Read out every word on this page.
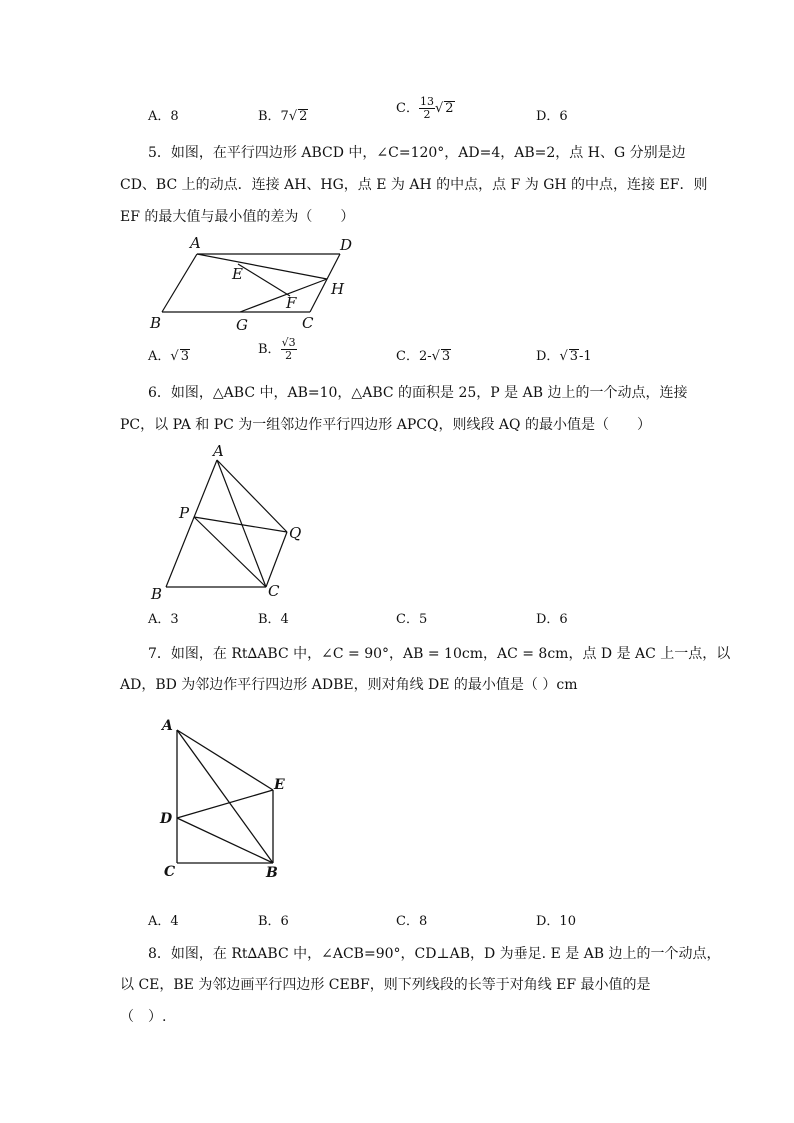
A．8	B．7√ 2
C． $\frac{13}{2}$ √ 2
D．6
5．如图，在平行四边形 ABCD 中，∠C=120°，AD=4，AB=2，点 H、G 分别是边
CD、BC 上的动点．连接 AH、HG，点 E 为 AH 的中点，点 F 为 GH 的中点，连接 EF．则
EF 的最大值与最小值的差为（　　）
A	D
E
H
F
B	G	C
A．√ 3	B． $\frac{√3}{2}$	C．2-√ 3	D．√ 3-1
6．如图，△ABC 中，AB=10，△ABC 的面积是 25，P 是 AB 边上的一个动点，连接
PC，以 PA 和 PC 为一组邻边作平行四边形 APCQ，则线段 AQ 的最小值是（　　）
A
P
Q
B	C
A．3	B．4	C．5	D．6
7．如图，在 Rt∆ABC 中，∠C = 90°，AB = 10cm，AC = 8cm，点 D 是 AC 上一点，以
AD，BD 为邻边作平行四边形 ADBE，则对角线 DE 的最小值是（ ）cm
A
E
D
C	B
A．4	B．6	C．8	D．10
8．如图，在 Rt∆ABC 中，∠ACB=90°，CD⊥AB，D 为垂足. E 是 AB 边上的一个动点，
以 CE，BE 为邻边画平行四边形 CEBF，则下列线段的长等于对角线 EF 最小值的是
（　）.
